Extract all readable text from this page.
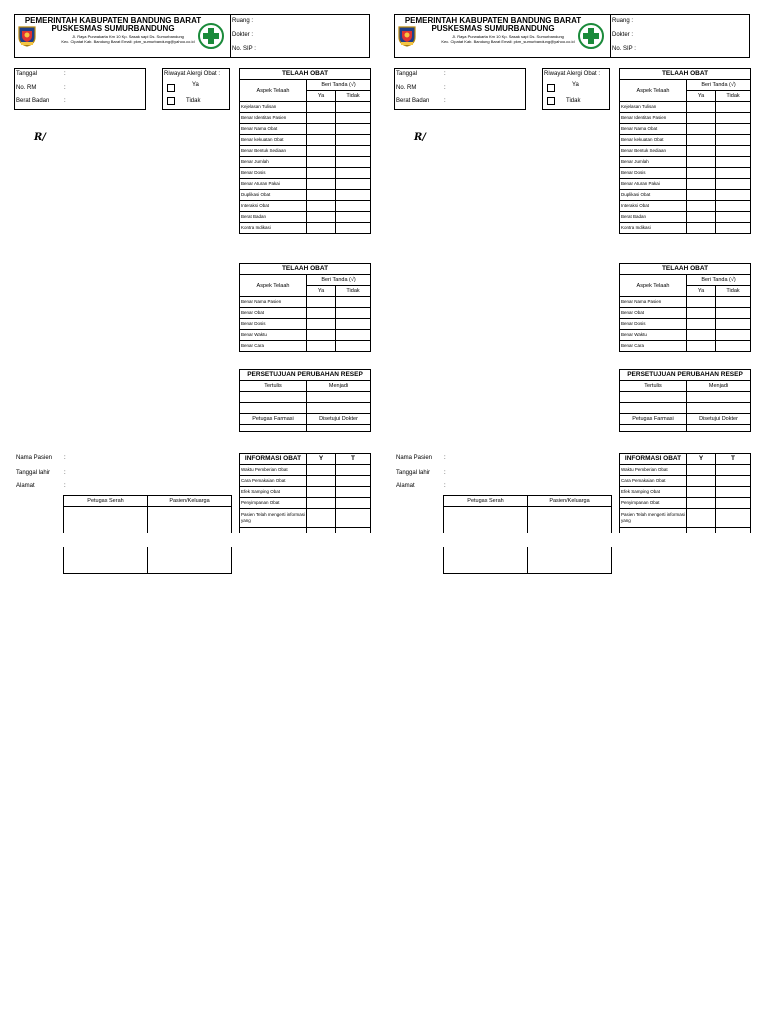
PEMERINTAH KABUPATEN BANDUNG BARAT
PUSKESMAS SUMURBANDUNG
Jl. Raya Purwakarta Km 10 Kp. Sasak sapi Ds. Sumurbandung
Kec. Cipatat Kab. Bandung Barat Email: pkm_sumurbandung@yahoo.co.id
Ruang :
Dokter :
No. SIP :
Tanggal	:
No. RM	:
Berat Badan :
Riwayat Alergi Obat :
Ya
Tidak
R/
TELAAH OBAT		
Aspek Telaah	Beri Tanda (√)	
	Ya	Tidak
Kejelasan Tulisan		
Benar Identitas Pasien		
Benar Nama Obat		
Benar kekuatan Obat		
Benar Bentuk Sediaan		
Benar Jumlah		
Benar Dosis		
Benar Aturan Pakai		
Duplikasi Obat		
Interaksi Obat		
Berat Badan		
Kontra Indikasi		
TELAAH OBAT		
Aspek Telaah	Beri Tanda (√)	
	Ya	Tidak
Benar Nama Pasien		
Benar Obat		
Benar Dosis		
Benar Waktu		
Benar Cara		
PERSETUJUAN PERUBAHAN RESEP	
Tertulis	Menjadi

Petugas Farmasi	Disetujui Dokter

Nama Pasien :
Tanggal lahir :
Alamat	:
Petugas Serah	Pasien/Keluarga

INFORMASI OBAT	Y	T
Waktu Pemberian Obat		
Cara Pemakaian Obat		
Efek Samping Obat		
Penyimpanan Obat		
Pasien Telah mengerti informasi yang		

PEMERINTAH KABUPATEN BANDUNG BARAT
PUSKESMAS SUMURBANDUNG
Jl. Raya Purwakarta Km 10 Kp. Sasak sapi Ds. Sumurbandung
Kec. Cipatat Kab. Bandung Barat Email: pkm_sumurbandung@yahoo.co.id
Ruang :
Dokter :
No. SIP :
Tanggal	:
No. RM	:
Berat Badan :
Riwayat Alergi Obat :
Ya
Tidak
R/
TELAAH OBAT		
Aspek Telaah	Beri Tanda (√)	
	Ya	Tidak
Kejelasan Tulisan		
Benar Identitas Pasien		
Benar Nama Obat		
Benar kekuatan Obat		
Benar Bentuk Sediaan		
Benar Jumlah		
Benar Dosis		
Benar Aturan Pakai		
Duplikasi Obat		
Interaksi Obat		
Berat Badan		
Kontra Indikasi		
TELAAH OBAT		
Aspek Telaah	Beri Tanda (√)	
	Ya	Tidak
Benar Nama Pasien		
Benar Obat		
Benar Dosis		
Benar Waktu		
Benar Cara		
PERSETUJUAN PERUBAHAN RESEP	
Tertulis	Menjadi

Petugas Farmasi	Disetujui Dokter

Nama Pasien :
Tanggal lahir :
Alamat	:
Petugas Serah	Pasien/Keluarga

INFORMASI OBAT	Y	T
Waktu Pemberian Obat		
Cara Pemakaian Obat		
Efek Samping Obat		
Penyimpanan Obat		
Pasien Telah mengerti informasi yang		
